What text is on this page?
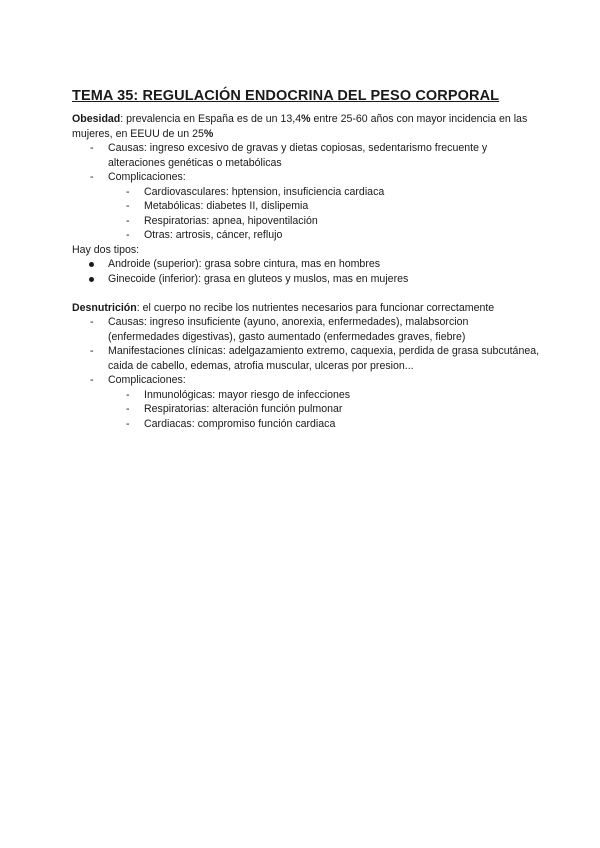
TEMA 35: REGULACIÓN ENDOCRINA DEL PESO CORPORAL

Obesidad: prevalencia en España es de un 13,4% entre 25-60 años con mayor incidencia en las mujeres, en EEUU de un 25%

- Causas: ingreso excesivo de gravas y dietas copiosas, sedentarismo frecuente y alteraciones genéticas o metabólicas
- Complicaciones:
- Cardiovasculares: hptension, insuficiencia cardiaca
- Metabólicas: diabetes II, dislipemia
- Respiratorias: apnea, hipoventilación
- Otras: artrosis, cáncer, reflujo

Hay dos tipos:

Androide (superior): grasa sobre cintura, mas en hombres
Ginecoide (inferior): grasa en gluteos y muslos, mas en mujeres

Desnutrición: el cuerpo no recibe los nutrientes necesarios para funcionar correctamente

- Causas: ingreso insuficiente (ayuno, anorexia, enfermedades), malabsorcion (enfermedades digestivas), gasto aumentado (enfermedades graves, fiebre)
- Manifestaciones clínicas: adelgazamiento extremo, caquexia, perdida de grasa subcutánea, caida de cabello, edemas, atrofia muscular, ulceras por presion...
- Complicaciones:
- Inmunológicas: mayor riesgo de infecciones
- Respiratorias: alteración función pulmonar
- Cardiacas: compromiso función cardiaca
